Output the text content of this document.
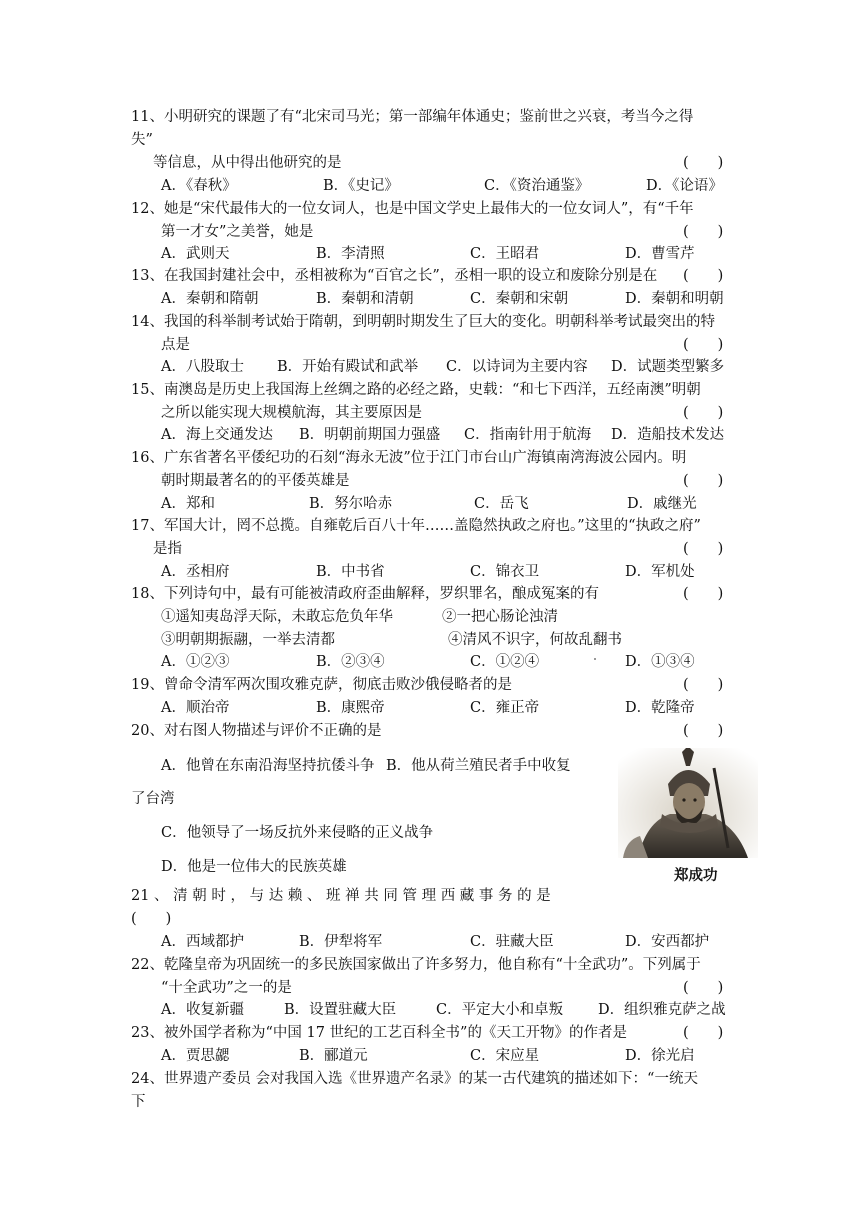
11、小明研究的课题了有“北宋司马光；第一部编年体通史；鉴前世之兴衰，考当今之得
失”
等信息，从中得出他研究的是	(　　)
A．《春秋》	B．《史记》	C．《资治通鉴》	D．《论语》
12、她是“宋代最伟大的一位女词人，也是中国文学史上最伟大的一位女词人”，有“千年
第一才女”之美誉，她是	(　　)
A．武则天	B．李清照	C．王昭君	D．曹雪芹
13、在我国封建社会中，丞相被称为“百官之长”，丞相一职的设立和废除分别是在 (　　)
A．秦朝和隋朝	B．秦朝和清朝	C．秦朝和宋朝	D．秦朝和明朝
14、我国的科举制考试始于隋朝，到明朝时期发生了巨大的变化。明朝科举考试最突出的特
点是	(　　)
A．八股取士 B．开始有殿试和武举 C．以诗词为主要内容 D．试题类型繁多
15、南澳岛是历史上我国海上丝绸之路的必经之路，史载：“和七下西洋，五经南澳”明朝
之所以能实现大规模航海，其主要原因是	(　　)
A．海上交通发达 B．明朝前期国力强盛 C．指南针用于航海 D．造船技术发达
16、广东省著名平倭纪功的石刻“海永无波”位于江门市台山广海镇南湾海波公园内。明
朝时期最著名的的平倭英雄是	(　　)
A．郑和	B．努尔哈赤	C．岳飞	D．戚继光
17、军国大计，罔不总揽。自雍乾后百八十年……盖隐然执政之府也。”这里的“执政之府”
是指	(　　)
A．丞相府	B．中书省	C．锦衣卫	D．军机处
18、下列诗句中，最有可能被清政府歪曲解释，罗织罪名，酿成冤案的有	(　　)
①遥知夷岛浮天际，未敢忘危负年华	②一把心肠论浊清
③明朝期振翮，一举去清都	④清风不识字，何故乱翻书
A．①②③	B．②③④	C．①②④	D．①③④
19、曾命令清军两次围攻雅克萨，彻底击败沙俄侵略者的是	(　　)
A．顺治帝	B．康熙帝	C．雍正帝	D．乾隆帝
20、对右图人物描述与评价不正确的是	(　　)
A．他曾在东南沿海坚持抗倭斗争 B．他从荷兰殖民者手中收复
了台湾
C．他领导了一场反抗外来侵略的正义战争
D．他是一位伟大的民族英雄
郑成功
21 、 清 朝 时 ， 与 达 赖 、 班 禅 共 同 管 理 西 藏 事 务 的 是
(　　)
A．西域都护	B．伊犁将军	C．驻藏大臣	D．安西都护
22、乾隆皇帝为巩固统一的多民族国家做出了许多努力，他自称有“十全武功”。下列属于
“十全武功”之一的是	(　　)
A．收复新疆	B．设置驻藏大臣	C．平定大小和卓叛 D．组织雅克萨之战
23、被外国学者称为“中国 17 世纪的工艺百科全书”的《天工开物》的作者是	(　　)
A．贾思勰	B．郦道元	C．宋应星	D．徐光启
24、世界遗产委员 会对我国入选《世界遗产名录》的某一古代建筑的描述如下：“一统天
下
